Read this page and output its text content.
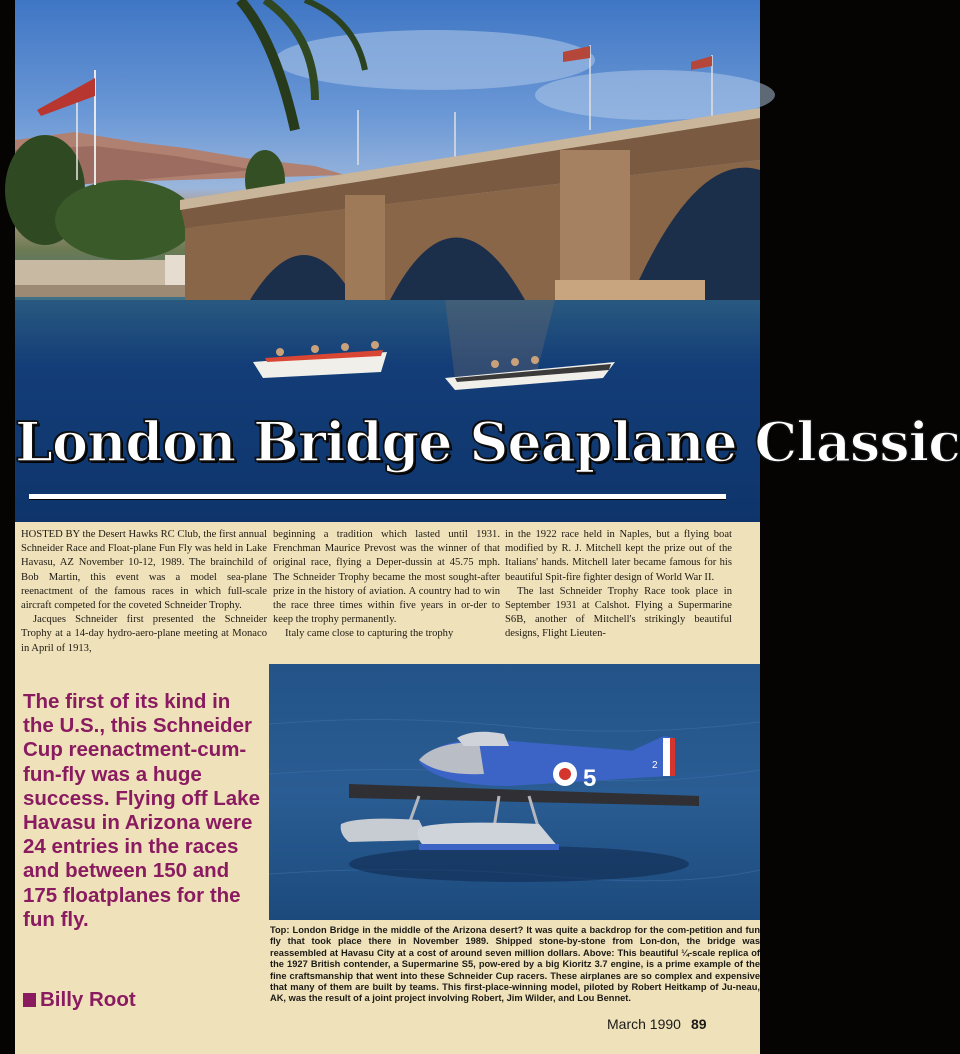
London Bridge Seaplane Classic

HOSTED BY the Desert Hawks RC Club, the first annual Schneider Race and Float-plane Fun Fly was held in Lake Havasu, AZ November 10-12, 1989. The brainchild of Bob Martin, this event was a model sea-plane reenactment of the famous races in which full-scale aircraft competed for the coveted Schneider Trophy.

Jacques Schneider first presented the Schneider Trophy at a 14-day hydro-aero-plane meeting at Monaco in April of 1913,

beginning a tradition which lasted until 1931. Frenchman Maurice Prevost was the winner of that original race, flying a Deper-dussin at 45.75 mph. The Schneider Trophy became the most sought-after prize in the history of aviation. A country had to win the race three times within five years in or-der to keep the trophy permanently.

Italy came close to capturing the trophy

in the 1922 race held in Naples, but a flying boat modified by R. J. Mitchell kept the prize out of the Italians' hands. Mitchell later became famous for his beautiful Spit-fire fighter design of World War II.

The last Schneider Trophy Race took place in September 1931 at Calshot. Flying a Supermarine S6B, another of Mitchell's strikingly beautiful designs, Flight Lieuten-

The first of its kind in the U.S., this Schneider Cup reenactment-cum-fun-fly was a huge success. Flying off Lake Havasu in Arizona were 24 entries in the races and between 150 and 175 floatplanes for the fun fly.
Billy Root
5	2
Top: London Bridge in the middle of the Arizona desert? It was quite a backdrop for the com-petition and fun fly that took place there in November 1989. Shipped stone-by-stone from Lon-don, the bridge was reassembled at Havasu City at a cost of around seven million dollars. Above: This beautiful ¼-scale replica of the 1927 British contender, a Supermarine S5, pow-ered by a big Kioritz 3.7 engine, is a prime example of the fine craftsmanship that went into these Schneider Cup racers. These airplanes are so complex and expensive that many of them are built by teams. This first-place-winning model, piloted by Robert Heitkamp of Ju-neau, AK, was the result of a joint project involving Robert, Jim Wilder, and Lou Bennet.
March 1990 89
